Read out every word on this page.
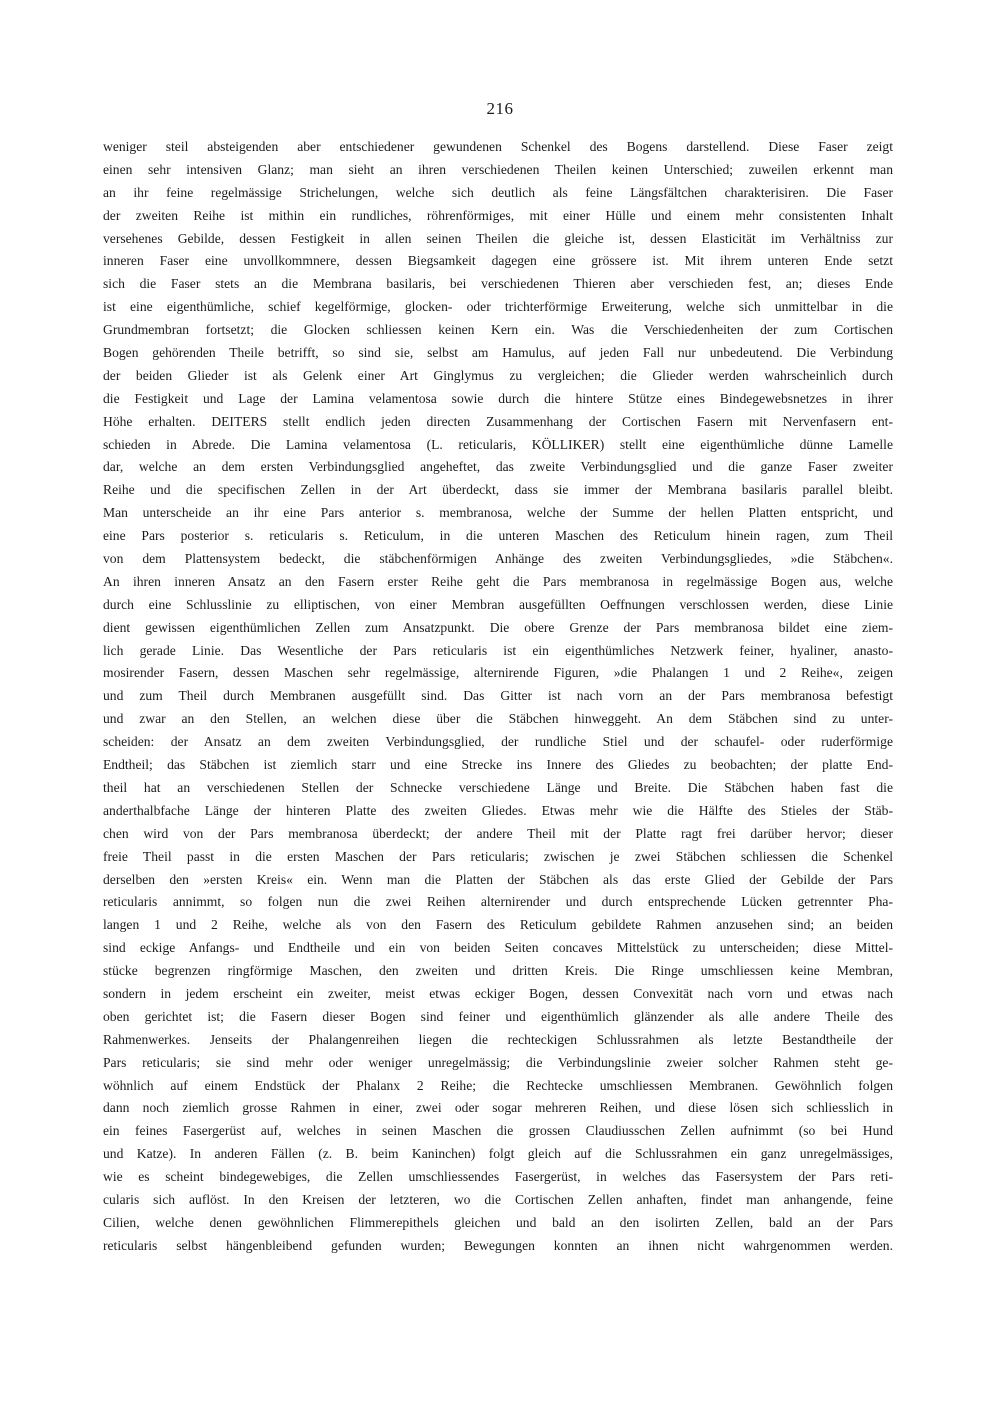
216
weniger steil absteigenden aber entschiedener gewundenen Schenkel des Bogens darstellend. Diese Faser zeigt
einen sehr intensiven Glanz; man sieht an ihren verschiedenen Theilen keinen Unterschied; zuweilen erkennt man
an ihr feine regelmässige Strichelungen, welche sich deutlich als feine Längsfältchen charakterisiren. Die Faser
der zweiten Reihe ist mithin ein rundliches, röhrenförmiges, mit einer Hülle und einem mehr consistenten Inhalt
versehenes Gebilde, dessen Festigkeit in allen seinen Theilen die gleiche ist, dessen Elasticität im Verhältniss zur
inneren Faser eine unvollkommnere, dessen Biegsamkeit dagegen eine grössere ist. Mit ihrem unteren Ende setzt
sich die Faser stets an die Membrana basilaris, bei verschiedenen Thieren aber verschieden fest, an; dieses Ende
ist eine eigenthümliche, schief kegelförmige, glocken- oder trichterförmige Erweiterung, welche sich unmittelbar in die
Grundmembran fortsetzt; die Glocken schliessen keinen Kern ein. Was die Verschiedenheiten der zum Cortischen
Bogen gehörenden Theile betrifft, so sind sie, selbst am Hamulus, auf jeden Fall nur unbedeutend. Die Verbindung
der beiden Glieder ist als Gelenk einer Art Ginglymus zu vergleichen; die Glieder werden wahrscheinlich durch
die Festigkeit und Lage der Lamina velamentosa sowie durch die hintere Stütze eines Bindegewebsnetzes in ihrer
Höhe erhalten. DEITERS stellt endlich jeden directen Zusammenhang der Cortischen Fasern mit Nervenfasern ent-
schieden in Abrede. Die Lamina velamentosa (L. reticularis, KÖLLIKER) stellt eine eigenthümliche dünne Lamelle
dar, welche an dem ersten Verbindungsglied angeheftet, das zweite Verbindungsglied und die ganze Faser zweiter
Reihe und die specifischen Zellen in der Art überdeckt, dass sie immer der Membrana basilaris parallel bleibt.
Man unterscheide an ihr eine Pars anterior s. membranosa, welche der Summe der hellen Platten entspricht, und
eine Pars posterior s. reticularis s. Reticulum, in die unteren Maschen des Reticulum hinein ragen, zum Theil
von dem Plattensystem bedeckt, die stäbchenförmigen Anhänge des zweiten Verbindungsgliedes, »die Stäbchen«.
An ihren inneren Ansatz an den Fasern erster Reihe geht die Pars membranosa in regelmässige Bogen aus, welche
durch eine Schlusslinie zu elliptischen, von einer Membran ausgefüllten Oeffnungen verschlossen werden, diese Linie
dient gewissen eigenthümlichen Zellen zum Ansatzpunkt. Die obere Grenze der Pars membranosa bildet eine ziem-
lich gerade Linie. Das Wesentliche der Pars reticularis ist ein eigenthümliches Netzwerk feiner, hyaliner, anasto-
mosirender Fasern, dessen Maschen sehr regelmässige, alternirende Figuren, »die Phalangen 1 und 2 Reihe«, zeigen
und zum Theil durch Membranen ausgefüllt sind. Das Gitter ist nach vorn an der Pars membranosa befestigt
und zwar an den Stellen, an welchen diese über die Stäbchen hinweggeht. An dem Stäbchen sind zu unter-
scheiden: der Ansatz an dem zweiten Verbindungsglied, der rundliche Stiel und der schaufel- oder ruderförmige
Endtheil; das Stäbchen ist ziemlich starr und eine Strecke ins Innere des Gliedes zu beobachten; der platte End-
theil hat an verschiedenen Stellen der Schnecke verschiedene Länge und Breite. Die Stäbchen haben fast die
anderthalbfache Länge der hinteren Platte des zweiten Gliedes. Etwas mehr wie die Hälfte des Stieles der Stäb-
chen wird von der Pars membranosa überdeckt; der andere Theil mit der Platte ragt frei darüber hervor; dieser
freie Theil passt in die ersten Maschen der Pars reticularis; zwischen je zwei Stäbchen schliessen die Schenkel
derselben den »ersten Kreis« ein. Wenn man die Platten der Stäbchen als das erste Glied der Gebilde der Pars
reticularis annimmt, so folgen nun die zwei Reihen alternirender und durch entsprechende Lücken getrennter Pha-
langen 1 und 2 Reihe, welche als von den Fasern des Reticulum gebildete Rahmen anzusehen sind; an beiden
sind eckige Anfangs- und Endtheile und ein von beiden Seiten concaves Mittelstück zu unterscheiden; diese Mittel-
stücke begrenzen ringförmige Maschen, den zweiten und dritten Kreis. Die Ringe umschliessen keine Membran,
sondern in jedem erscheint ein zweiter, meist etwas eckiger Bogen, dessen Convexität nach vorn und etwas nach
oben gerichtet ist; die Fasern dieser Bogen sind feiner und eigenthümlich glänzender als alle andere Theile des
Rahmenwerkes. Jenseits der Phalangenreihen liegen die rechteckigen Schlussrahmen als letzte Bestandtheile der
Pars reticularis; sie sind mehr oder weniger unregelmässig; die Verbindungslinie zweier solcher Rahmen steht ge-
wöhnlich auf einem Endstück der Phalanx 2 Reihe; die Rechtecke umschliessen Membranen. Gewöhnlich folgen
dann noch ziemlich grosse Rahmen in einer, zwei oder sogar mehreren Reihen, und diese lösen sich schliesslich in
ein feines Fasergerüst auf, welches in seinen Maschen die grossen Claudiusschen Zellen aufnimmt (so bei Hund
und Katze). In anderen Fällen (z. B. beim Kaninchen) folgt gleich auf die Schlussrahmen ein ganz unregelmässiges,
wie es scheint bindegewebiges, die Zellen umschliessendes Fasergerüst, in welches das Fasersystem der Pars reti-
cularis sich auflöst. In den Kreisen der letzteren, wo die Cortischen Zellen anhaften, findet man anhangende, feine
Cilien, welche denen gewöhnlichen Flimmerepithels gleichen und bald an den isolirten Zellen, bald an der Pars
reticularis selbst hängenbleibend gefunden wurden; Bewegungen konnten an ihnen nicht wahrgenommen werden.
